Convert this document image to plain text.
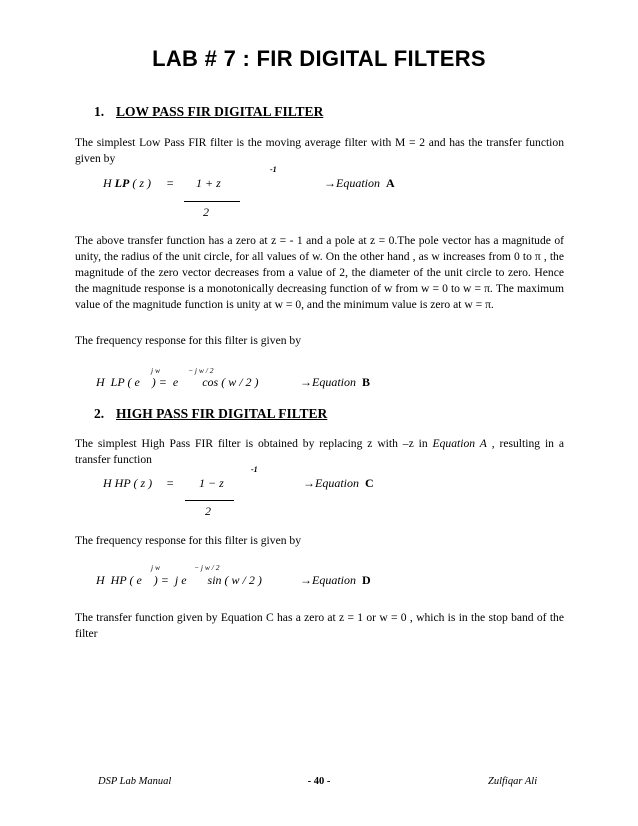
LAB # 7 : FIR DIGITAL FILTERS
1. LOW PASS FIR DIGITAL FILTER
The simplest Low Pass FIR filter is the moving average filter with M = 2 and has the transfer function given by
-1
H LP ( z ) = 1 + z
2
→Equation A
The above transfer function has a zero at z = - 1 and a pole at z = 0.The pole vector has a magnitude of unity, the radius of the unit circle, for all values of w. On the other hand , as w increases from 0 to π , the magnitude of the zero vector decreases from a value of 2, the diameter of the unit circle to zero. Hence the magnitude response is a monotonically decreasing function of w from w = 0 to w = π. The maximum value of the magnitude function is unity at w = 0, and the minimum value is zero at w = π.
The frequency response for this filter is given by
j w	− j w / 2
H  LP ( e    ) =  e        cos ( w / 2 )	→Equation B
2. HIGH PASS FIR DIGITAL FILTER
The simplest High Pass FIR filter is obtained by replacing z with –z in Equation A , resulting in a transfer function
-1
H HP ( z ) = 1 − z
2
→Equation C
The frequency response for this filter is given by
j w	− j w / 2
H  HP ( e    ) =  j e       sin ( w / 2 )	→Equation D
The transfer function given by Equation C has a zero at z = 1 or w = 0 , which is in the stop band of the filter
DSP Lab Manual	- 40 -	Zulfiqar Ali
